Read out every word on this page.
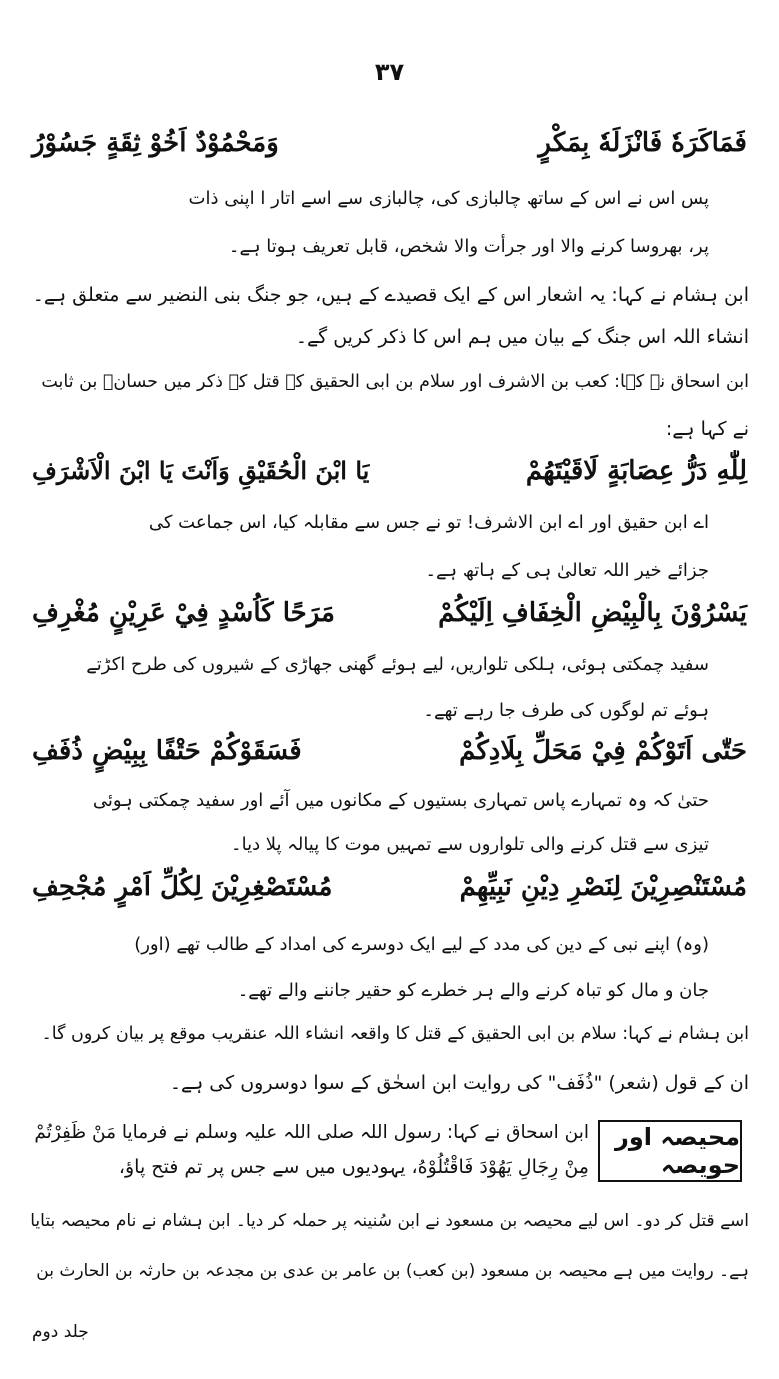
۳۷
فَمَاكَرَهٗ فَانْزَلَهٗ بِمَكْرٍ
وَمَحْمُوْدٌ اَخُوْ ثِقَةٍ جَسُوْرُ
پس اس نے اس کے ساتھ چالبازی کی، چالبازی سے اسے اتار ا اپنی ذات
پر، بھروسا کرنے والا اور جرأت والا شخص، قابل تعریف ہوتا ہے۔
ابن ہشام نے کہا: یہ اشعار اس کے ایک قصیدے کے ہیں، جو جنگ بنی النضیر سے متعلق ہے۔
انشاء اللہ اس جنگ کے بیان میں ہم اس کا ذکر کریں گے۔
ابن اسحاق نے کہا: کعب بن الاشرف اور سلام بن ابی الحقیق کے قتل کے ذکر میں حسانؓ بن ثابت
نے کہا ہے:
لِلّٰهِ دَرُّ عِصَابَةٍ لَاقَيْتَهُمْ
يَا ابْنَ الْحُقَيْقِ وَاَنْتَ يَا ابْنَ الْاَشْرَفِ
اے ابن حقیق اور اے ابن الاشرف! تو نے جس سے مقابلہ کیا، اس جماعت کی
جزائے خیر اللہ تعالیٰ ہی کے ہاتھ ہے۔
يَسْرُوْنَ بِالْبِيْضِ الْخِفَافِ اِلَيْكُمْ
مَرَحًا كَاُسْدٍ فِيْ عَرِيْنٍ مُغْرِفِ
سفید چمکتی ہوئی، ہلکی تلواریں، لیے ہوئے گھنی جھاڑی کے شیروں کی طرح اکڑتے
ہوئے تم لوگوں کی طرف جا رہے تھے۔
حَتّٰى اَتَوْكُمْ فِيْ مَحَلِّ بِلَادِكُمْ
فَسَقَوْكُمْ حَتْفًا بِبِيْضٍ ذُفَفِ
حتیٰ کہ وہ تمہارے پاس تمہاری بستیوں کے مکانوں میں آئے اور سفید چمکتی ہوئی
تیزی سے قتل کرنے والی تلواروں سے تمہیں موت کا پیالہ پلا دیا۔
مُسْتَنْصِرِيْنَ لِنَصْرِ دِيْنِ نَبِيِّهِمْ
مُسْتَصْغِرِيْنَ لِكُلِّ اَمْرٍ مُجْحِفِ
(وہ) اپنے نبی کے دین کی مدد کے لیے ایک دوسرے کی امداد کے طالب تھے (اور)
جان و مال کو تباہ کرنے والے ہر خطرے کو حقیر جاننے والے تھے۔
ابن ہشام نے کہا: سلام بن ابی الحقیق کے قتل کا واقعہ انشاء اللہ عنقریب موقع پر بیان کروں گا۔
ان کے قول (شعر) "ذُفَف" کی روایت ابن اسحٰق کے سوا دوسروں کی ہے۔
محیصہ اور حویصہ
ابن اسحاق نے کہا: رسول اللہ صلی اللہ علیہ وسلم نے فرمایا مَنْ ظَفِرْتُمْ
مِنْ رِجَالِ يَهُوْدَ فَاقْتُلُوْهُ، یہودیوں میں سے جس پر تم فتح پاؤ،
اسے قتل کر دو۔ اس لیے محیصہ بن مسعود نے ابن سُنینہ پر حملہ کر دیا۔ ابن ہشام نے نام محیصہ بتایا
ہے۔ روایت میں ہے محیصہ بن مسعود (بن کعب) بن عامر بن عدی بن مجدعہ بن حارثہ بن الحارث بن
جلد دوم
